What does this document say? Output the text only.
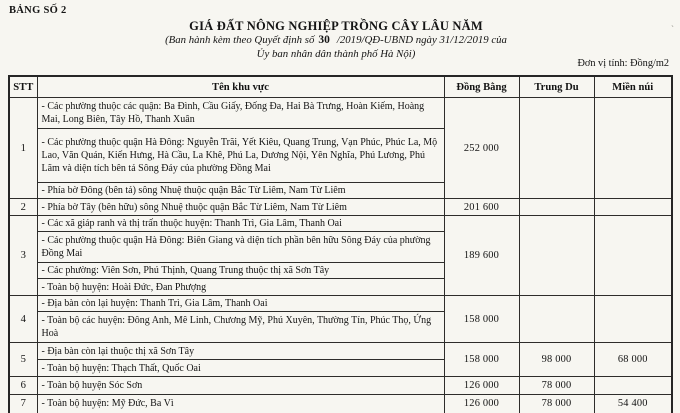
BẢNG SỐ 2
GIÁ ĐẤT NÔNG NGHIỆP TRỒNG CÂY LÂU NĂM
(Ban hành kèm theo Quyết định số 30 /2019/QĐ-UBND ngày 31/12/2019 của
Ủy ban nhân dân thành phố Hà Nội)
Đơn vị tính: Đồng/m2
`
STT	Tên khu vực	Đồng Bằng	Trung Du	Miền núi
1	- Các phường thuộc các quận: Ba Đình, Cầu Giấy, Đống Đa, Hai Bà Trưng, Hoàn Kiếm, Hoàng Mai, Long Biên, Tây Hồ, Thanh Xuân	252 000		
	- Các phường thuộc quận Hà Đông: Nguyễn Trãi, Yết Kiêu, Quang Trung, Vạn Phúc, Phúc La, Mộ Lao, Văn Quán, Kiến Hưng, Hà Cầu, La Khê, Phú La, Dương Nội, Yên Nghĩa, Phú Lương, Phú Lãm và diện tích bên tả Sông Đáy của phường Đồng Mai			
	- Phía bờ Đông (bên tả) sông Nhuệ thuộc quận Bắc Từ Liêm, Nam Từ Liêm			
2	- Phía bờ Tây (bên hữu) sông Nhuệ thuộc quận Bắc Từ Liêm, Nam Từ Liêm	201 600		
3	- Các xã giáp ranh và thị trấn thuộc huyện: Thanh Trì, Gia Lâm, Thanh Oai	189 600		
	- Các phường thuộc quận Hà Đông: Biên Giang và diện tích phần bên hữu Sông Đáy của phường Đồng Mai			
	- Các phường: Viên Sơn, Phú Thịnh, Quang Trung thuộc thị xã Sơn Tây			
	- Toàn bộ huyện: Hoài Đức, Đan Phượng			
4	- Địa bàn còn lại huyện: Thanh Trì, Gia Lâm, Thanh Oai	158 000		
	- Toàn bộ các huyện: Đông Anh, Mê Linh, Chương Mỹ, Phú Xuyên, Thường Tín, Phúc Thọ, Ứng Hoà			
5	- Địa bàn còn lại thuộc thị xã Sơn Tây	158 000	98 000	68 000
	- Toàn bộ huyện: Thạch Thất, Quốc Oai			
6	- Toàn bộ huyện Sóc Sơn	126 000	78 000	
7	- Toàn bộ huyện: Mỹ Đức, Ba Vì	126 000	78 000	54 400
